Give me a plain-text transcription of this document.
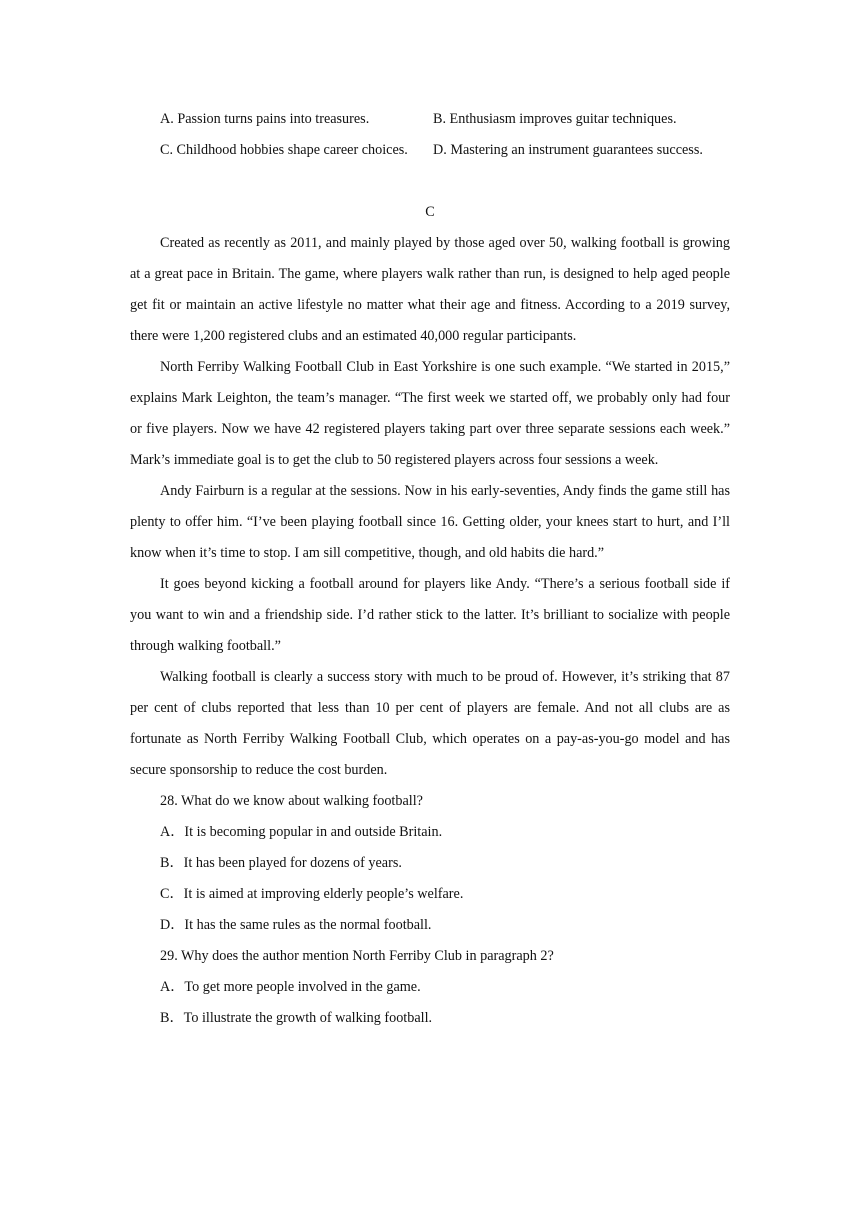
A. Passion turns pains into treasures.	B. Enthusiasm improves guitar techniques.
C. Childhood hobbies shape career choices.	D. Mastering an instrument guarantees success.
C

Created as recently as 2011, and mainly played by those aged over 50, walking football is growing at a great pace in Britain. The game, where players walk rather than run, is designed to help aged people get fit or maintain an active lifestyle no matter what their age and fitness. According to a 2019 survey, there were 1,200 registered clubs and an estimated 40,000 regular participants.

North Ferriby Walking Football Club in East Yorkshire is one such example. “We started in 2015,” explains Mark Leighton, the team’s manager. “The first week we started off, we probably only had four or five players. Now we have 42 registered players taking part over three separate sessions each week.” Mark’s immediate goal is to get the club to 50 registered players across four sessions a week.

Andy Fairburn is a regular at the sessions. Now in his early-seventies, Andy finds the game still has plenty to offer him. “I’ve been playing football since 16. Getting older, your knees start to hurt, and I’ll know when it’s time to stop. I am sill competitive, though, and old habits die hard.”

It goes beyond kicking a football around for players like Andy. “There’s a serious football side if you want to win and a friendship side. I’d rather stick to the latter. It’s brilliant to socialize with people through walking football.”

Walking football is clearly a success story with much to be proud of. However, it’s striking that 87 per cent of clubs reported that less than 10 per cent of players are female. And not all clubs are as fortunate as North Ferriby Walking Football Club, which operates on a pay-as-you-go model and has secure sponsorship to reduce the cost burden.

28. What do we know about walking football?
A．It is becoming popular in and outside Britain.
B．It has been played for dozens of years.
C．It is aimed at improving elderly people’s welfare.
D．It has the same rules as the normal football.
29. Why does the author mention North Ferriby Club in paragraph 2?
A．To get more people involved in the game.
B．To illustrate the growth of walking football.
